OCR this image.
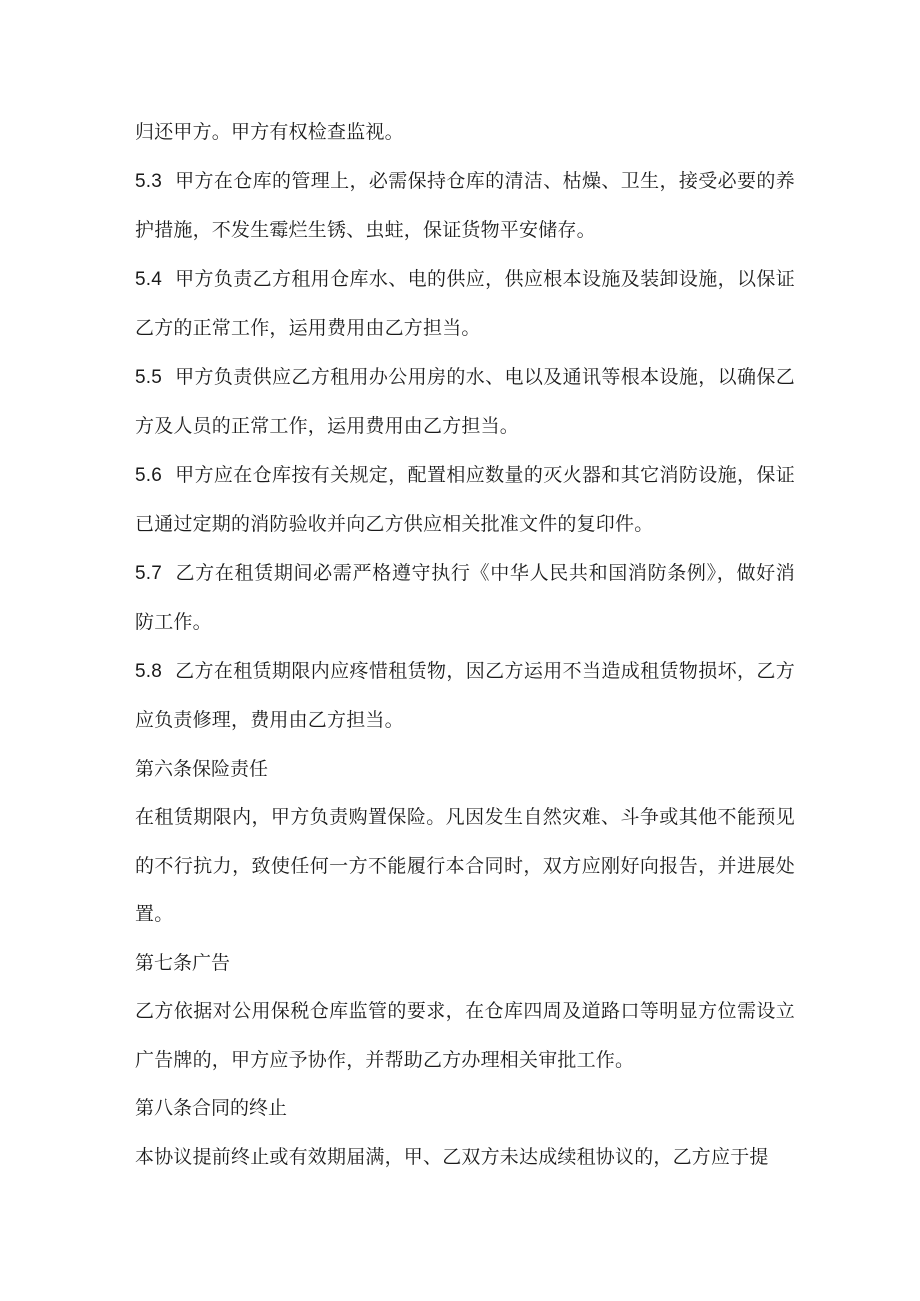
归还甲方。甲方有权检查监视。

5.3 甲方在仓库的管理上，必需保持仓库的清洁、枯燥、卫生，接受必要的养护措施，不发生霉烂生锈、虫蛀，保证货物平安储存。

5.4 甲方负责乙方租用仓库水、电的供应，供应根本设施及装卸设施，以保证乙方的正常工作，运用费用由乙方担当。

5.5 甲方负责供应乙方租用办公用房的水、电以及通讯等根本设施，以确保乙方及人员的正常工作，运用费用由乙方担当。

5.6 甲方应在仓库按有关规定，配置相应数量的灭火器和其它消防设施，保证已通过定期的消防验收并向乙方供应相关批准文件的复印件。

5.7 乙方在租赁期间必需严格遵守执行《中华人民共和国消防条例》，做好消防工作。

5.8 乙方在租赁期限内应疼惜租赁物，因乙方运用不当造成租赁物损坏，乙方应负责修理，费用由乙方担当。

第六条保险责任

在租赁期限内，甲方负责购置保险。凡因发生自然灾难、斗争或其他不能预见的不行抗力，致使任何一方不能履行本合同时，双方应刚好向报告，并进展处置。

第七条广告

乙方依据对公用保税仓库监管的要求，在仓库四周及道路口等明显方位需设立广告牌的，甲方应予协作，并帮助乙方办理相关审批工作。

第八条合同的终止

本协议提前终止或有效期届满，甲、乙双方未达成续租协议的，乙方应于提
